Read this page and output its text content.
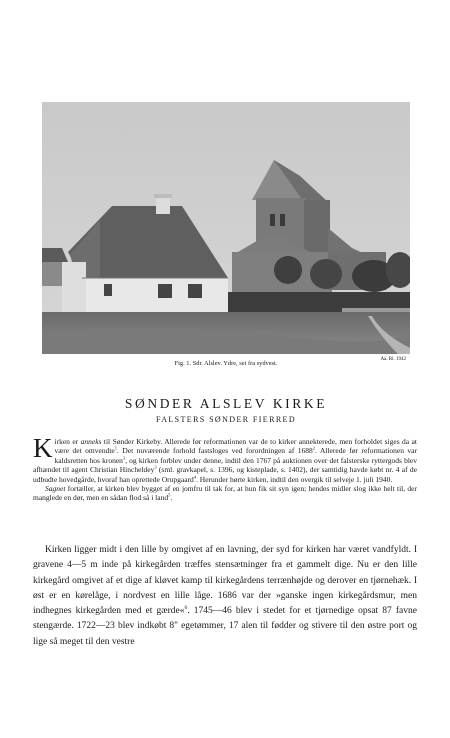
Fig. 1. Sdr. Alslev. Ydre, set fra sydvest.
Aa. Rl. 1942
SØNDER ALSLEV KIRKE
FALSTERS SØNDER FIERRED

Kirken er anneks til Sønder Kirkeby. Allerede før reformationen var de to kirker annekterede, men forholdet siges da at være det omvendte$^1$. Det nuværende forhold fastsloges ved forordningen af 1688$^2$. Allerede før reformationen var kaldsretten hos kronen$^3$, og kirken forblev under denne, indtil den 1767 på auktionen over det falsterske ryttergods blev afhændet til agent Christian Hincheldey$^3$ (sml. gravkapel, s. 1396, og kisteplade, s. 1402), der samtidig havde købt nr. 4 af de udbudte hovedgårde, hvoraf han oprettede Orupgaard$^4$. Herunder hørte kirken, indtil den overgik til selveje 1. juli 1940.

Sagnet fortæller, at kirken blev bygget af en jomfru til tak for, at hun fik sit syn igen; hendes midler slog ikke helt til, der manglede en dør, men en sådan fłod så i land$^5$.

Kirken ligger midt i den lille by omgivet af en lavning, der syd for kirken har været vandfyldt. I gravene 4—5 m inde på kirkegården træffes stensætninger fra et gammelt dige. Nu er den lille kirkegård omgivet af et dige af kløvet kamp til kirkegårdens terrænhøjde og derover en tjørnehæk. I øst er en kørelåge, i nordvest en lille låge. 1686 var der »ganske ingen kirkegårdsmur, men indhegnes kirkegården med et gærde«$^6$. 1745—46 blev i stedet for et tjørnedige opsat 87 favne stengærde. 1722—23 blev indkøbt 8" egetømmer, 17 alen til fødder og stivere til den østre port og lige så meget til den vestre
